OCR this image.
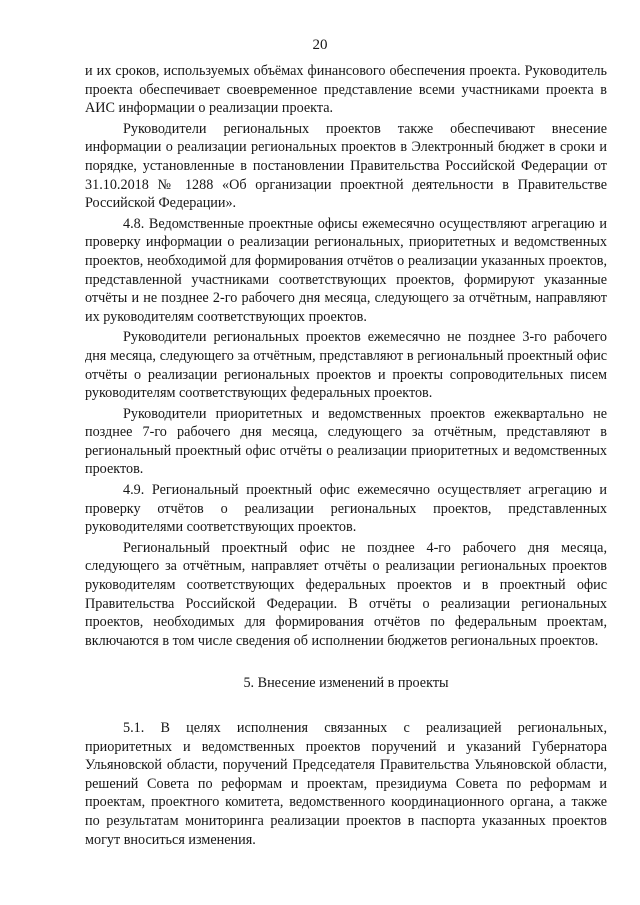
20

и их сроков, используемых объёмах финансового обеспечения проекта. Руководитель проекта обеспечивает своевременное представление всеми участниками проекта в АИС информации о реализации проекта.

Руководители региональных проектов также обеспечивают внесение информации о реализации региональных проектов в Электронный бюджет в сроки и порядке, установленные в постановлении Правительства Российской Федерации от 31.10.2018 № 1288 «Об организации проектной деятельности в Правительстве Российской Федерации».

4.8. Ведомственные проектные офисы ежемесячно осуществляют агрегацию и проверку информации о реализации региональных, приоритетных и ведомственных проектов, необходимой для формирования отчётов о реализации указанных проектов, представленной участниками соответствующих проектов, формируют указанные отчёты и не позднее 2-го рабочего дня месяца, следующего за отчётным, направляют их руководителям соответствующих проектов.

Руководители региональных проектов ежемесячно не позднее 3-го рабочего дня месяца, следующего за отчётным, представляют в региональный проектный офис отчёты о реализации региональных проектов и проекты сопроводительных писем руководителям соответствующих федеральных проектов.

Руководители приоритетных и ведомственных проектов ежеквартально не позднее 7-го рабочего дня месяца, следующего за отчётным, представляют в региональный проектный офис отчёты о реализации приоритетных и ведомственных проектов.

4.9. Региональный проектный офис ежемесячно осуществляет агрегацию и проверку отчётов о реализации региональных проектов, представленных руководителями соответствующих проектов.

Региональный проектный офис не позднее 4-го рабочего дня месяца, следующего за отчётным, направляет отчёты о реализации региональных проектов руководителям соответствующих федеральных проектов и в проектный офис Правительства Российской Федерации. В отчёты о реализации региональных проектов, необходимых для формирования отчётов по федеральным проектам, включаются в том числе сведения об исполнении бюджетов региональных проектов.

5. Внесение изменений в проекты

5.1. В целях исполнения связанных с реализацией региональных, приоритетных и ведомственных проектов поручений и указаний Губернатора Ульяновской области, поручений Председателя Правительства Ульяновской области, решений Совета по реформам и проектам, президиума Совета по реформам и проектам, проектного комитета, ведомственного координационного органа, а также по результатам мониторинга реализации проектов в паспорта указанных проектов могут вноситься изменения.
